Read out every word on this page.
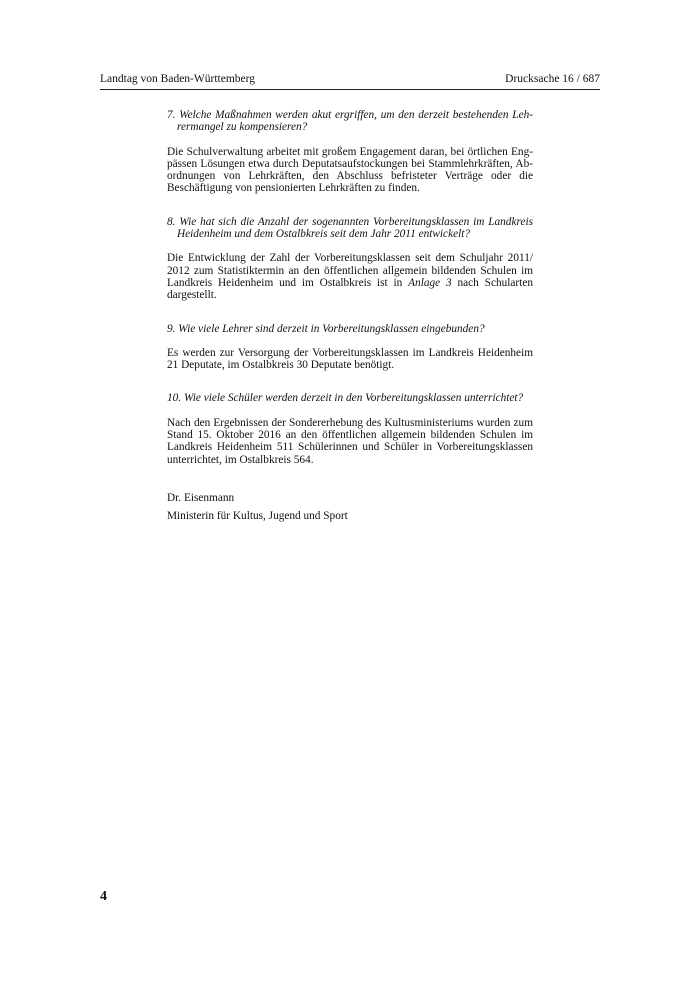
Landtag von Baden-Württemberg	Drucksache 16 / 687

7. Welche Maßnahmen werden akut ergriffen, um den derzeit bestehenden Lehrermangel zu kompensieren?

Die Schulverwaltung arbeitet mit großem Engagement daran, bei örtlichen Engpässen Lösungen etwa durch Deputatsaufstockungen bei Stammlehrkräften, Abordnungen von Lehrkräften, den Abschluss befristeter Verträge oder die Beschäftigung von pensionierten Lehrkräften zu finden.

8. Wie hat sich die Anzahl der sogenannten Vorbereitungsklassen im Landkreis Heidenheim und dem Ostalbkreis seit dem Jahr 2011 entwickelt?

Die Entwicklung der Zahl der Vorbereitungsklassen seit dem Schuljahr 2011/ 2012 zum Statistiktermin an den öffentlichen allgemein bildenden Schulen im Landkreis Heidenheim und im Ostalbkreis ist in Anlage 3 nach Schularten dargestellt.

9. Wie viele Lehrer sind derzeit in Vorbereitungsklassen eingebunden?

Es werden zur Versorgung der Vorbereitungsklassen im Landkreis Heidenheim 21 Deputate, im Ostalbkreis 30 Deputate benötigt.

10. Wie viele Schüler werden derzeit in den Vorbereitungsklassen unterrichtet?

Nach den Ergebnissen der Sondererhebung des Kultusministeriums wurden zum Stand 15. Oktober 2016 an den öffentlichen allgemein bildenden Schulen im Landkreis Heidenheim 511 Schülerinnen und Schüler in Vorbereitungsklassen unterrichtet, im Ostalbkreis 564.

Dr. Eisenmann

Ministerin für Kultus, Jugend und Sport

4
